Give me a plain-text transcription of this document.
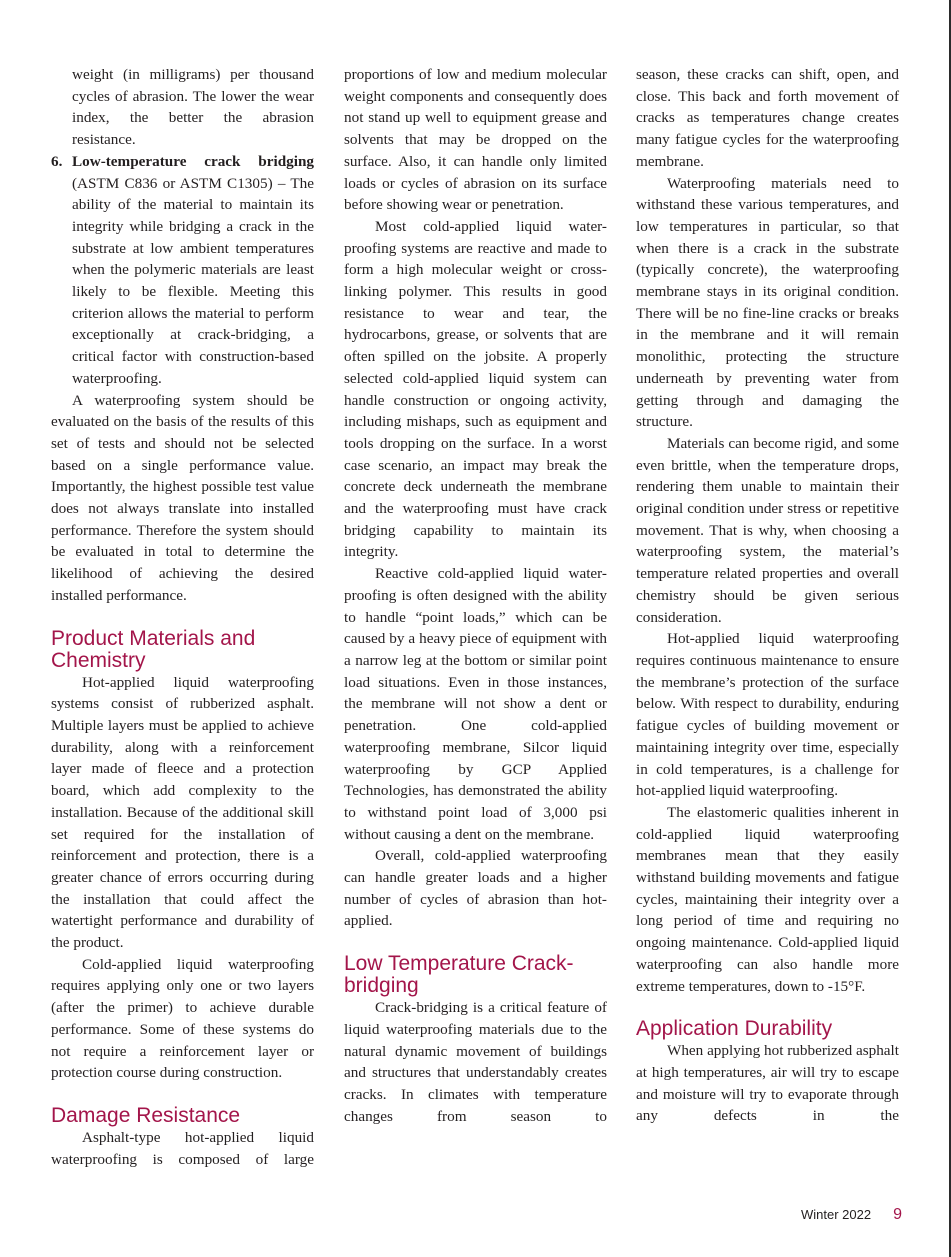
weight (in milligrams) per thousand cycles of abrasion. The lower the wear index, the better the abrasion resistance.

6. Low-temperature crack bridging (ASTM C836 or ASTM C1305) – The ability of the material to maintain its integrity while bridging a crack in the substrate at low ambient temperatures when the polymeric materials are least likely to be flexible. Meeting this criterion allows the material to perform exceptionally at crack-bridging, a critical factor with construction-based waterproofing.

A waterproofing system should be evaluated on the basis of the results of this set of tests and should not be selected based on a single performance value. Importantly, the highest possible test value does not always translate into installed performance. Therefore the system should be evaluated in total to determine the likelihood of achieving the desired installed performance.

Product Materials and Chemistry

Hot-applied liquid waterproofing systems consist of rubberized asphalt. Multiple layers must be applied to achieve durability, along with a reinforcement layer made of fleece and a protection board, which add complexity to the installation. Because of the additional skill set required for the installation of reinforcement and protection, there is a greater chance of errors occurring during the installation that could affect the watertight performance and durability of the product.

Cold-applied liquid waterproofing requires applying only one or two layers (after the primer) to achieve durable performance. Some of these systems do not require a reinforcement layer or protection course during construction.

Damage Resistance

Asphalt-type hot-applied liquid waterproofing is composed of large

proportions of low and medium molecular weight components and consequently does not stand up well to equipment grease and solvents that may be dropped on the surface. Also, it can handle only limited loads or cycles of abrasion on its surface before showing wear or penetration.

Most cold-applied liquid water-proofing systems are reactive and made to form a high molecular weight or cross-linking polymer. This results in good resistance to wear and tear, the hydrocarbons, grease, or solvents that are often spilled on the jobsite. A properly selected cold-applied liquid system can handle construction or ongoing activity, including mishaps, such as equipment and tools dropping on the surface. In a worst case scenario, an impact may break the concrete deck underneath the membrane and the waterproofing must have crack bridging capability to maintain its integrity.

Reactive cold-applied liquid water-proofing is often designed with the ability to handle “point loads,” which can be caused by a heavy piece of equipment with a narrow leg at the bottom or similar point load situations. Even in those instances, the membrane will not show a dent or penetration. One cold-applied waterproofing membrane, Silcor liquid waterproofing by GCP Applied Technologies, has demonstrated the ability to withstand point load of 3,000 psi without causing a dent on the membrane.

Overall, cold-applied waterproofing can handle greater loads and a higher number of cycles of abrasion than hot-applied.

Low Temperature Crack-bridging

Crack-bridging is a critical feature of liquid waterproofing materials due to the natural dynamic movement of buildings and structures that understandably creates cracks. In climates with temperature changes from season to

season, these cracks can shift, open, and close. This back and forth movement of cracks as temperatures change creates many fatigue cycles for the waterproofing membrane.

Waterproofing materials need to withstand these various temperatures, and low temperatures in particular, so that when there is a crack in the substrate (typically concrete), the waterproofing membrane stays in its original condition. There will be no fine-line cracks or breaks in the membrane and it will remain monolithic, protecting the structure underneath by preventing water from getting through and damaging the structure.

Materials can become rigid, and some even brittle, when the temperature drops, rendering them unable to maintain their original condition under stress or repetitive movement. That is why, when choosing a waterproofing system, the material’s temperature related properties and overall chemistry should be given serious consideration.

Hot-applied liquid waterproofing requires continuous maintenance to ensure the membrane’s protection of the surface below. With respect to durability, enduring fatigue cycles of building movement or maintaining integrity over time, especially in cold temperatures, is a challenge for hot-applied liquid waterproofing.

The elastomeric qualities inherent in cold-applied liquid waterproofing membranes mean that they easily withstand building movements and fatigue cycles, maintaining their integrity over a long period of time and requiring no ongoing maintenance. Cold-applied liquid waterproofing can also handle more extreme temperatures, down to -15°F.

Application Durability

When applying hot rubberized asphalt at high temperatures, air will try to escape and moisture will try to evaporate through any defects in the

Winter 2022 9
